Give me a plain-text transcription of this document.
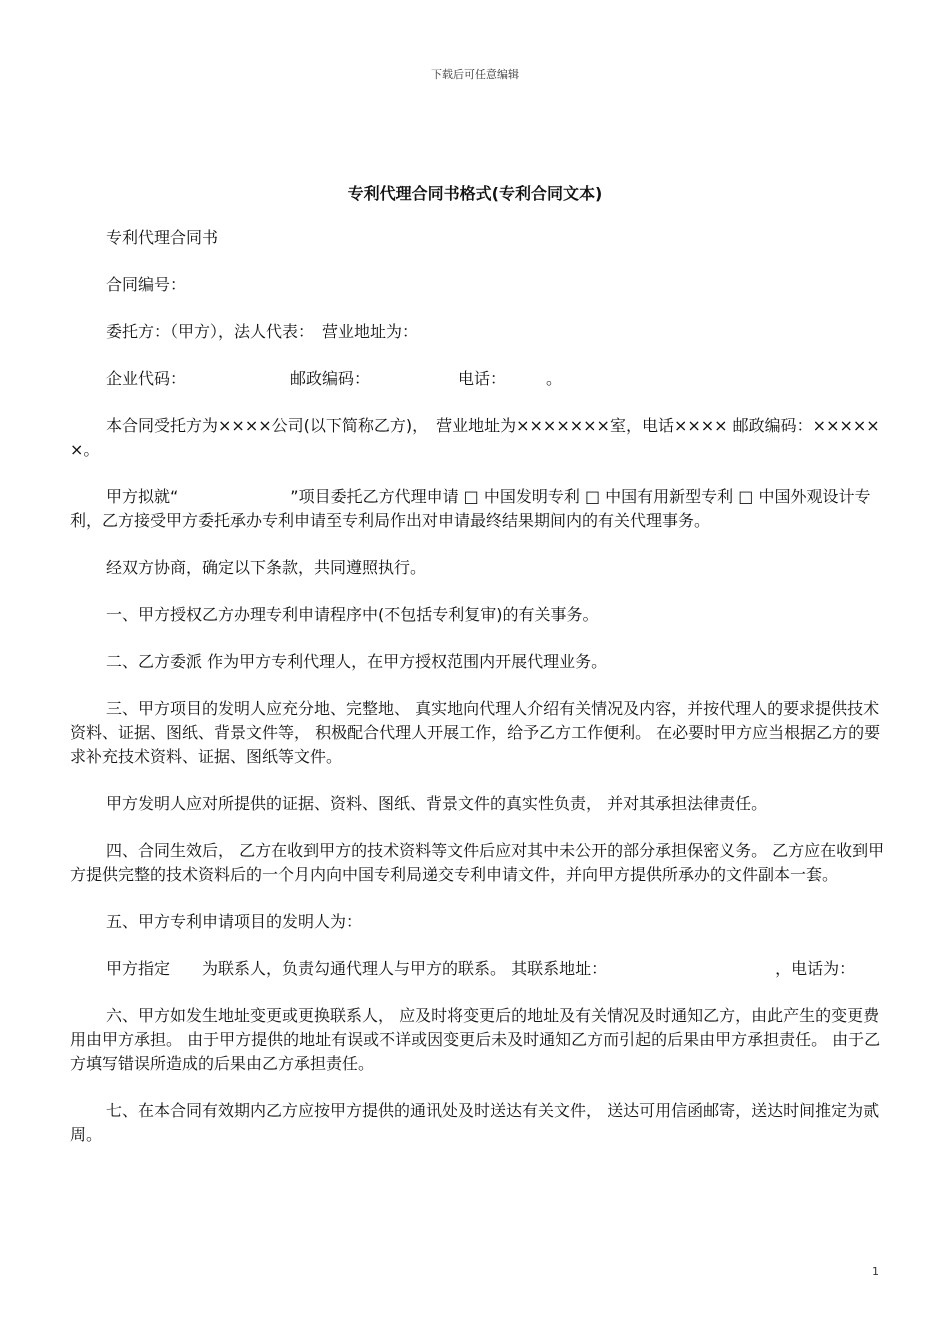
下载后可任意编辑
专利代理合同书格式(专利合同文本)

专利代理合同书

合同编号：

委托方：（甲方），法人代表：　营业地址为：

企业代码：　　　　　　　邮政编码：　　　　　　电话：　　　。

本合同受托方为××××公司(以下简称乙方)，　营业地址为×××××××室，电话×××× 邮政编码：××××××。

甲方拟就“　　　　　　　”项目委托乙方代理申请 □ 中国发明专利 □ 中国有用新型专利 □ 中国外观设计专利，乙方接受甲方委托承办专利申请至专利局作出对申请最终结果期间内的有关代理事务。

经双方协商，确定以下条款，共同遵照执行。

一、甲方授权乙方办理专利申请程序中(不包括专利复审)的有关事务。

二、乙方委派 作为甲方专利代理人，在甲方授权范围内开展代理业务。

三、甲方项目的发明人应充分地、完整地、 真实地向代理人介绍有关情况及内容，并按代理人的要求提供技术资料、证据、图纸、背景文件等， 积极配合代理人开展工作，给予乙方工作便利。 在必要时甲方应当根据乙方的要求补充技术资料、证据、图纸等文件。

甲方发明人应对所提供的证据、资料、图纸、背景文件的真实性负责， 并对其承担法律责任。

四、合同生效后， 乙方在收到甲方的技术资料等文件后应对其中未公开的部分承担保密义务。 乙方应在收到甲方提供完整的技术资料后的一个月内向中国专利局递交专利申请文件，并向甲方提供所承办的文件副本一套。

五、甲方专利申请项目的发明人为：

甲方指定　　为联系人，负责勾通代理人与甲方的联系。 其联系地址：　　　　　　　　　　　，电话为：

六、甲方如发生地址变更或更换联系人， 应及时将变更后的地址及有关情况及时通知乙方，由此产生的变更费用由甲方承担。 由于甲方提供的地址有误或不详或因变更后未及时通知乙方而引起的后果由甲方承担责任。 由于乙方填写错误所造成的后果由乙方承担责任。

七、在本合同有效期内乙方应按甲方提供的通讯处及时送达有关文件， 送达可用信函邮寄，送达时间推定为贰周。

1
